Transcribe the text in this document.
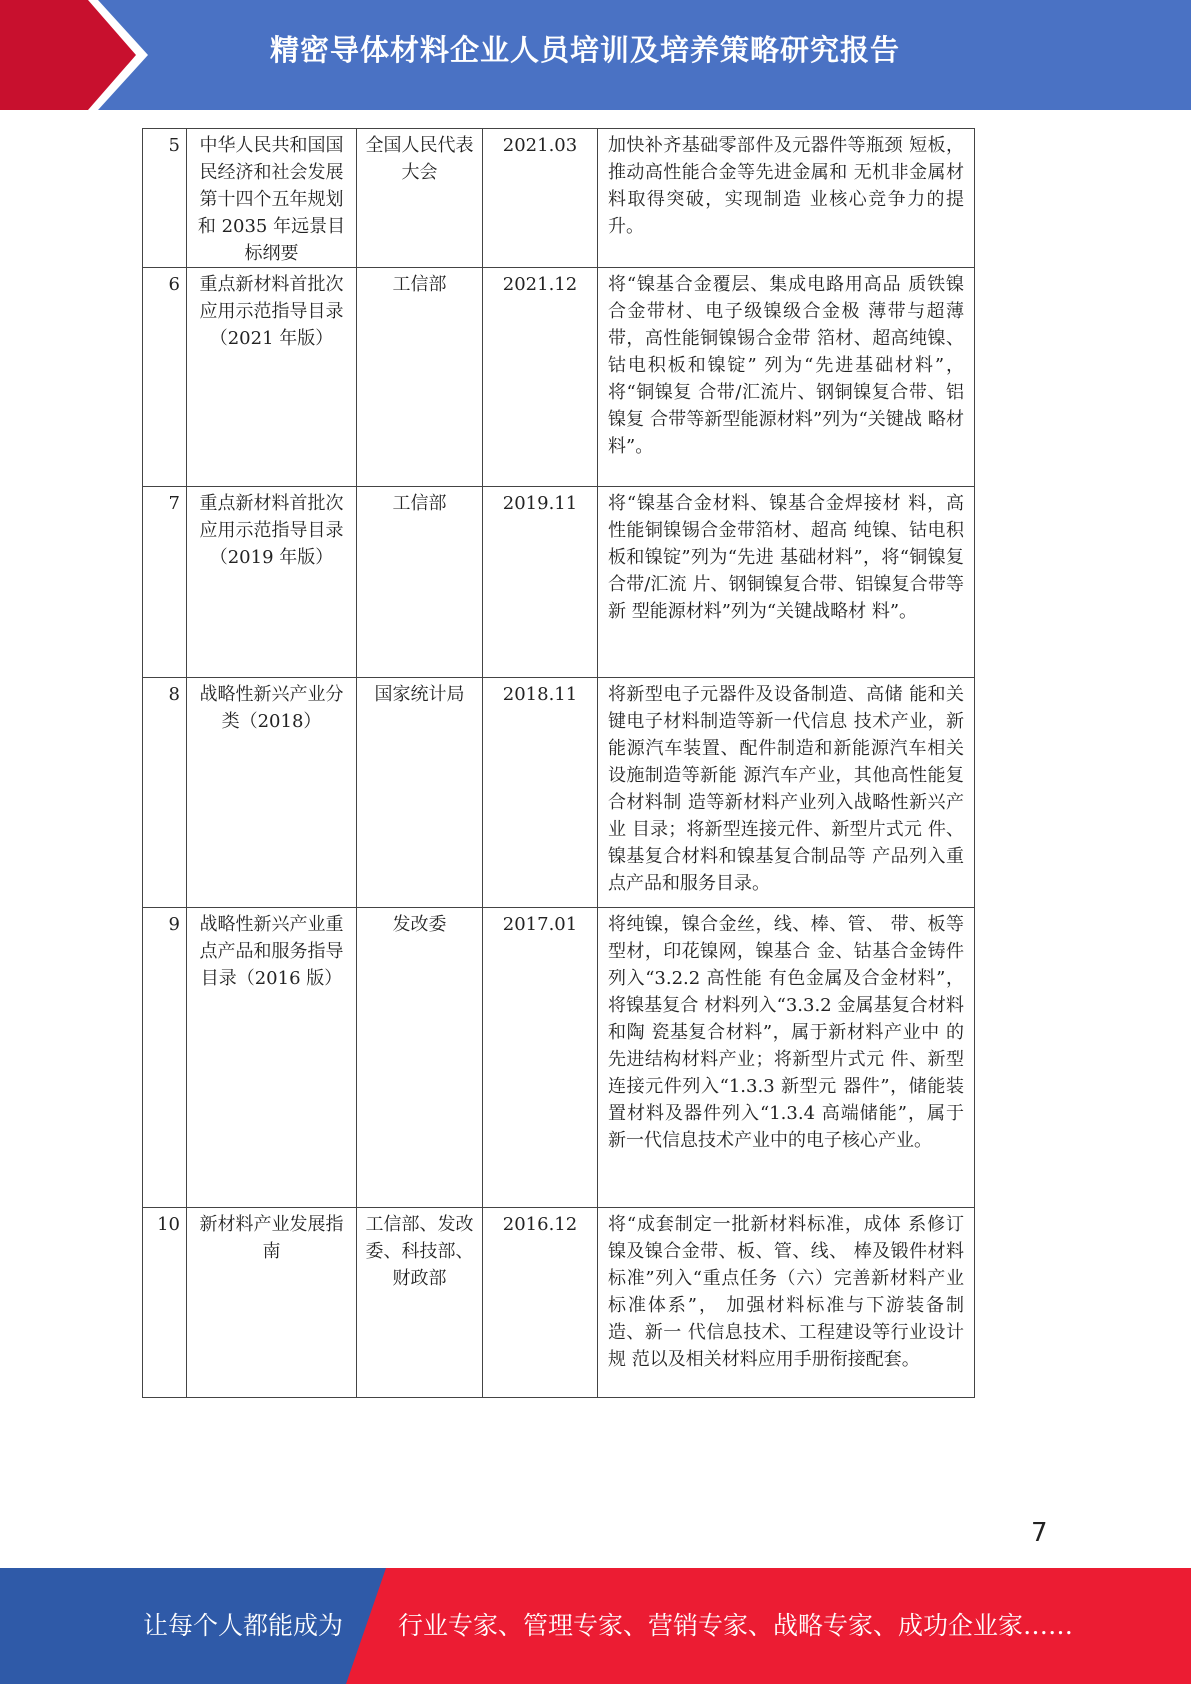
精密导体材料企业人员培训及培养策略研究报告
5	中华人民共和国国民经济和社会发展第十四个五年规划和 2035 年远景目标纲要	全国人民代表大会	2021.03	加快补齐基础零部件及元器件等瓶颈 短板，推动高性能合金等先进金属和 无机非金属材料取得突破，实现制造 业核心竞争力的提升。
6	重点新材料首批次应用示范指导目录（2021 年版）	工信部	2021.12	将“镍基合金覆层、集成电路用高品 质铁镍合金带材、电子级镍级合金极 薄带与超薄带，高性能铜镍锡合金带 箔材、超高纯镍、钴电积板和镍锭” 列为“先进基础材料”，将“铜镍复 合带/汇流片、钢铜镍复合带、铝镍复 合带等新型能源材料”列为“关键战 略材料”。
7	重点新材料首批次应用示范指导目录（2019 年版）	工信部	2019.11	将“镍基合金材料、镍基合金焊接材 料，高性能铜镍锡合金带箔材、超高 纯镍、钴电积板和镍锭”列为“先进 基础材料”，将“铜镍复合带/汇流 片、钢铜镍复合带、铝镍复合带等新 型能源材料”列为“关键战略材 料”。
8	战略性新兴产业分类（2018）	国家统计局	2018.11	将新型电子元器件及设备制造、高储 能和关键电子材料制造等新一代信息 技术产业，新能源汽车装置、配件制造和新能源汽车相关设施制造等新能 源汽车产业，其他高性能复合材料制 造等新材料产业列入战略性新兴产业 目录；将新型连接元件、新型片式元 件、镍基复合材料和镍基复合制品等 产品列入重点产品和服务目录。
9	战略性新兴产业重点产品和服务指导目录（2016 版）	发改委	2017.01	将纯镍，镍合金丝，线、棒、管、 带、板等型材，印花镍网，镍基合 金、钴基合金铸件列入“3.2.2 高性能 有色金属及合金材料”，将镍基复合 材料列入“3.3.2 金属基复合材料和陶 瓷基复合材料”，属于新材料产业中 的先进结构材料产业；将新型片式元 件、新型连接元件列入“1.3.3 新型元 器件”，储能装置材料及器件列入“1.3.4 高端储能”，属于新一代信息技术产业中的电子核心产业。
10	新材料产业发展指南	工信部、发改委、科技部、财政部	2016.12	将“成套制定一批新材料标准，成体 系修订镍及镍合金带、板、管、线、 棒及锻件材料标准”列入“重点任务（六）完善新材料产业标准体系”， 加强材料标准与下游装备制造、新一 代信息技术、工程建设等行业设计规 范以及相关材料应用手册衔接配套。
7
让每个人都能成为 行业专家、管理专家、营销专家、战略专家、成功企业家……
